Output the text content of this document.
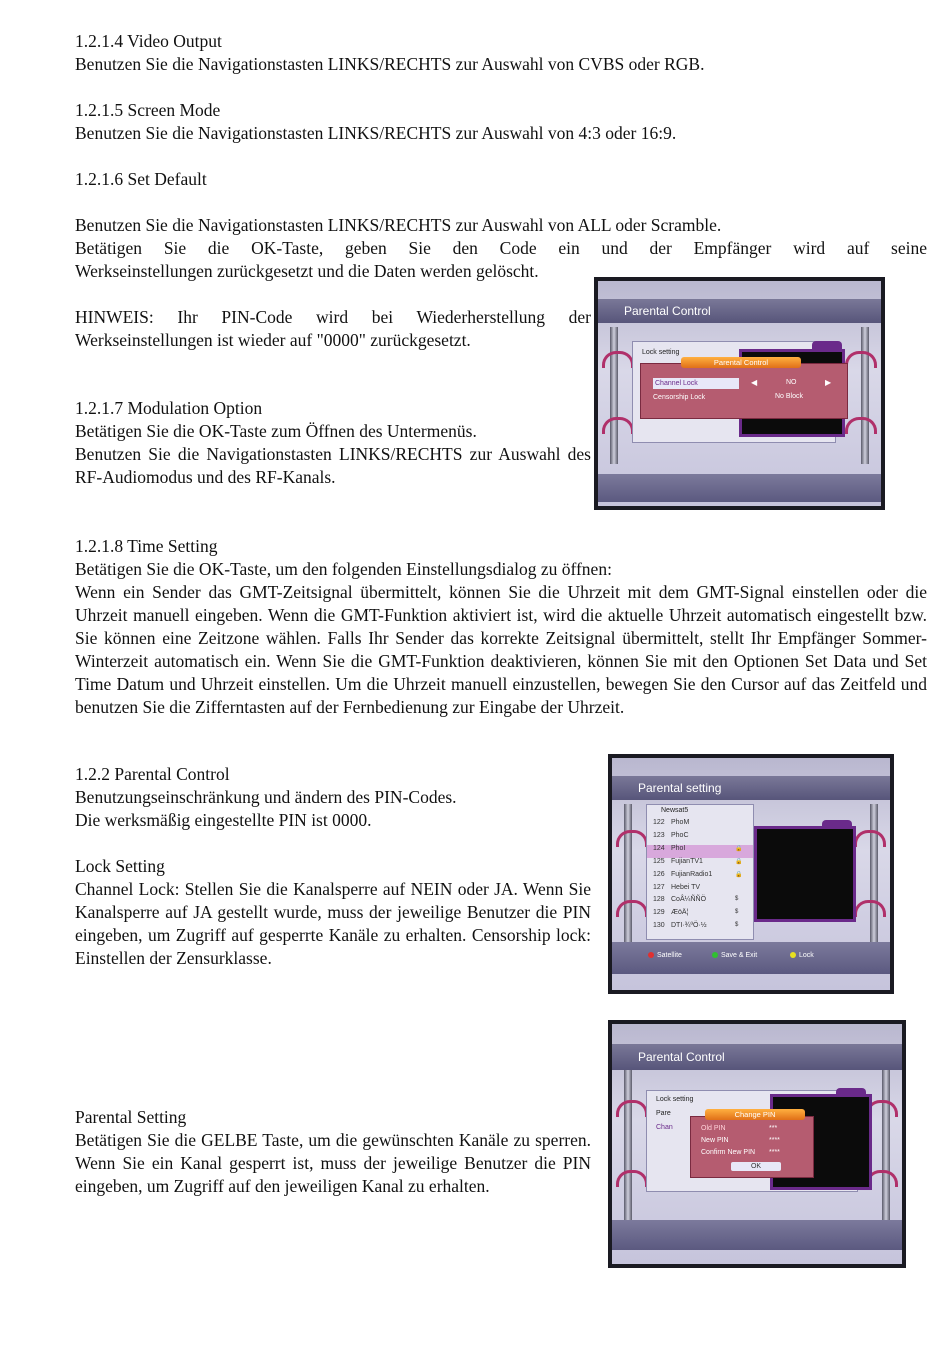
1.2.1.4 Video Output

Benutzen Sie die Navigationstasten LINKS/RECHTS zur Auswahl von CVBS oder RGB.

1.2.1.5 Screen Mode

Benutzen Sie die Navigationstasten LINKS/RECHTS zur Auswahl von 4:3 oder 16:9.

1.2.1.6 Set Default

Benutzen Sie die Navigationstasten LINKS/RECHTS zur Auswahl von ALL oder Scramble.

Betätigen Sie die OK-Taste, geben Sie den Code ein und der Empfänger wird auf seine

Werkseinstellungen zurückgesetzt und die Daten werden gelöscht.

HINWEIS: Ihr PIN-Code wird bei Wiederherstellung der Werkseinstellungen ist wieder auf "0000" zurückgesetzt.

1.2.1.7 Modulation Option

Betätigen Sie die OK-Taste zum Öffnen des Untermenüs.

Benutzen Sie die Navigationstasten LINKS/RECHTS zur Auswahl des RF-Audiomodus und des RF-Kanals.

1.2.1.8 Time Setting

Betätigen Sie die OK-Taste, um den folgenden Einstellungsdialog zu öffnen:

Wenn ein Sender das GMT-Zeitsignal übermittelt, können Sie die Uhrzeit mit dem GMT-Signal einstellen oder die Uhrzeit manuell eingeben. Wenn die GMT-Funktion aktiviert ist, wird die aktuelle Uhrzeit automatisch eingestellt bzw. Sie können eine Zeitzone wählen. Falls Ihr Sender das korrekte Zeitsignal übermittelt, stellt Ihr Empfänger Sommer- Winterzeit automatisch ein. Wenn Sie die GMT-Funktion deaktivieren, können Sie mit den Optionen Set Data und Set Time Datum und Uhrzeit einstellen. Um die Uhrzeit manuell einzustellen, bewegen Sie den Cursor auf das Zeitfeld und benutzen Sie die Zifferntasten auf der Fernbedienung zur Eingabe der Uhrzeit.

1.2.2 Parental Control

Benutzungseinschränkung und ändern des PIN-Codes.

Die werksmäßig eingestellte PIN ist 0000.

Lock Setting

Channel Lock: Stellen Sie die Kanalsperre auf NEIN oder JA. Wenn Sie Kanalsperre auf JA gestellt wurde, muss der jeweilige Benutzer die PIN eingeben, um Zugriff auf gesperrte Kanäle zu erhalten. Censorship lock: Einstellen der Zensurklasse.

Parental Setting

Betätigen Sie die GELBE Taste, um die gewünschten Kanäle zu sperren. Wenn Sie ein Kanal gesperrt ist, muss der jeweilige Benutzer die PIN eingeben, um Zugriff auf den jeweiligen Kanal zu erhalten.

Parental Control
Lock setting
Parental Control
Channel Lock
Censorship Lock
◀	NO	▶
No Block
Parental setting
Newsat5
122 PhoM
123 PhoC
124 PhoI	🔒
125 FujianTV1	🔒
126 FujianRadio1	🔒
127 Hebei TV
128 CoÂ¼ÑÑÖ	$
129 ÆöÄ¦	$
130 DTI·¾ºÖ·½	$
Satellite	Save & Exit	Lock
Parental Control
Lock setting
Pare
Chan
Change PIN
Old PIN	***
New PIN	****
Confirm New PIN ****
OK
